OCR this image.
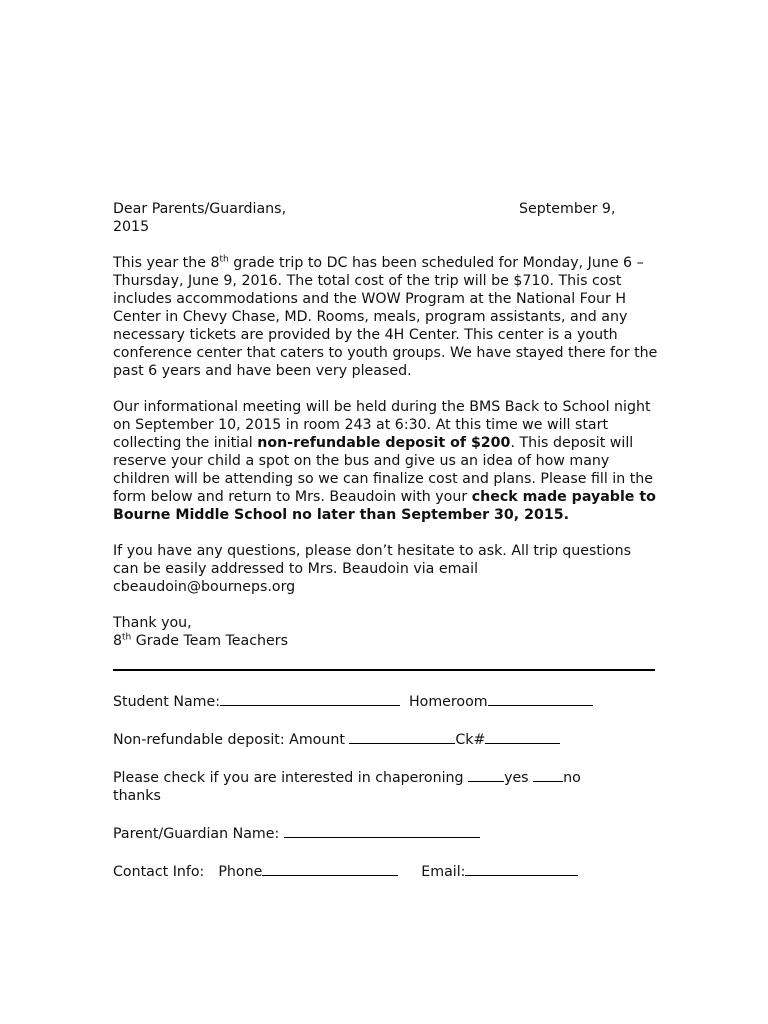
Dear Parents/Guardians,	September 9,

2015

This year the 8th grade trip to DC has been scheduled for Monday, June 6 – Thursday, June 9, 2016. The total cost of the trip will be $710. This cost includes accommodations and the WOW Program at the National Four H Center in Chevy Chase, MD. Rooms, meals, program assistants, and any necessary tickets are provided by the 4H Center. This center is a youth conference center that caters to youth groups. We have stayed there for the past 6 years and have been very pleased.

Our informational meeting will be held during the BMS Back to School night on September 10, 2015 in room 243 at 6:30. At this time we will start collecting the initial non-refundable deposit of $200. This deposit will reserve your child a spot on the bus and give us an idea of how many children will be attending so we can finalize cost and plans. Please fill in the form below and return to Mrs. Beaudoin with your check made payable to Bourne Middle School no later than September 30, 2015.

If you have any questions, please don’t hesitate to ask. All trip questions can be easily addressed to Mrs. Beaudoin via email cbeaudoin@bourneps.org

Thank you,

8th Grade Team Teachers

Student Name:	Homeroom

Non-refundable deposit: Amount	Ck#

Please check if you are interested in chaperoning	yes no
thanks

Parent/Guardian Name:

Contact Info: Phone	Email:
